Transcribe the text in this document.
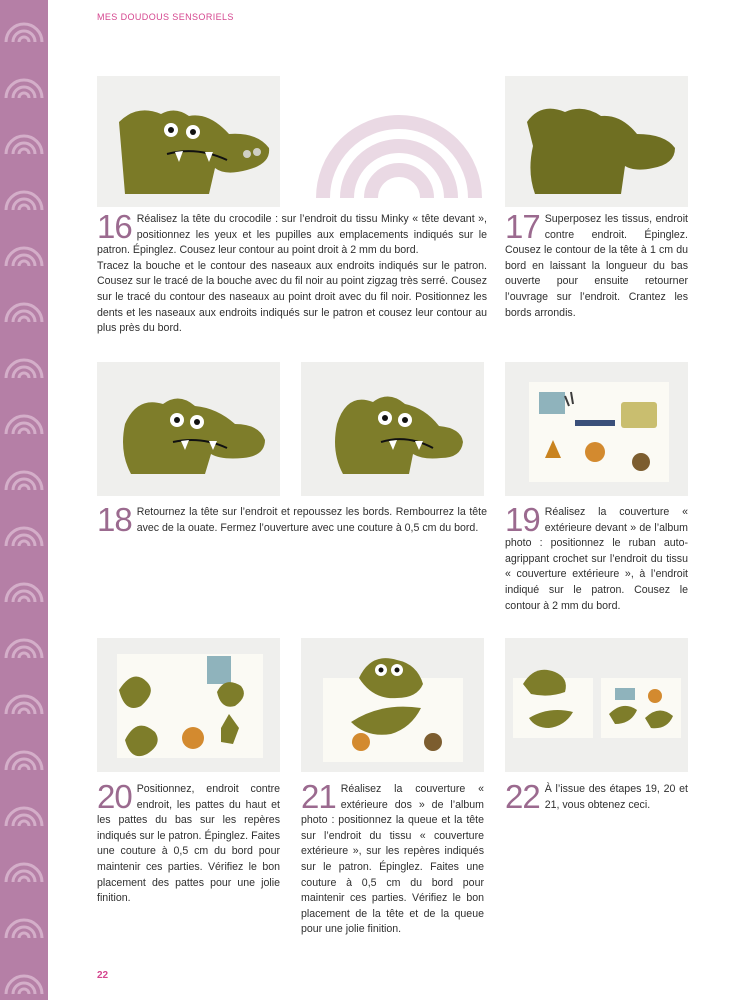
MES DOUDOUS SENSORIELS
16 Réalisez la tête du crocodile : sur l’endroit du tissu Minky « tête devant », positionnez les yeux et les pupilles aux emplacements indiqués sur le patron. Épinglez. Cousez leur contour au point droit à 2 mm du bord.

Tracez la bouche et le contour des naseaux aux endroits indiqués sur le patron. Cousez sur le tracé de la bouche avec du fil noir au point zigzag très serré. Cousez sur le tracé du contour des naseaux au point droit avec du fil noir. Positionnez les dents et les naseaux aux endroits indiqués sur le patron et cousez leur contour au plus près du bord.

17 Superposez les tissus, endroit contre endroit. Épinglez. Cousez le contour de la tête à 1 cm du bord en laissant la longueur du bas ouverte pour ensuite retourner l’ouvrage sur l’endroit. Crantez les bords arrondis.

18 Retournez la tête sur l’endroit et repoussez les bords. Rembourrez la tête avec de la ouate. Fermez l’ouverture avec une couture à 0,5 cm du bord. 19 Réalisez la couverture « extérieure devant » de l’album photo : positionnez le ruban auto-agrippant crochet sur l’endroit du tissu « couverture extérieure », à l’endroit indiqué sur le patron. Cousez le contour à 2 mm du bord.

20 Positionnez, endroit contre endroit, les pattes du haut et les pattes du bas sur les repères indiqués sur le patron. Épinglez. Faites une couture à 0,5 cm du bord pour maintenir ces parties. Vérifiez le bon placement des pattes pour une jolie finition.

21 Réalisez la couverture « extérieure dos » de l’album photo : positionnez la queue et la tête sur l’endroit du tissu « couverture extérieure », sur les repères indiqués sur le patron. Épinglez. Faites une couture à 0,5 cm du bord pour maintenir ces parties. Vérifiez le bon placement de la tête et de la queue pour une jolie finition.

22 À l’issue des étapes 19, 20 et 21, vous obtenez ceci.

22
